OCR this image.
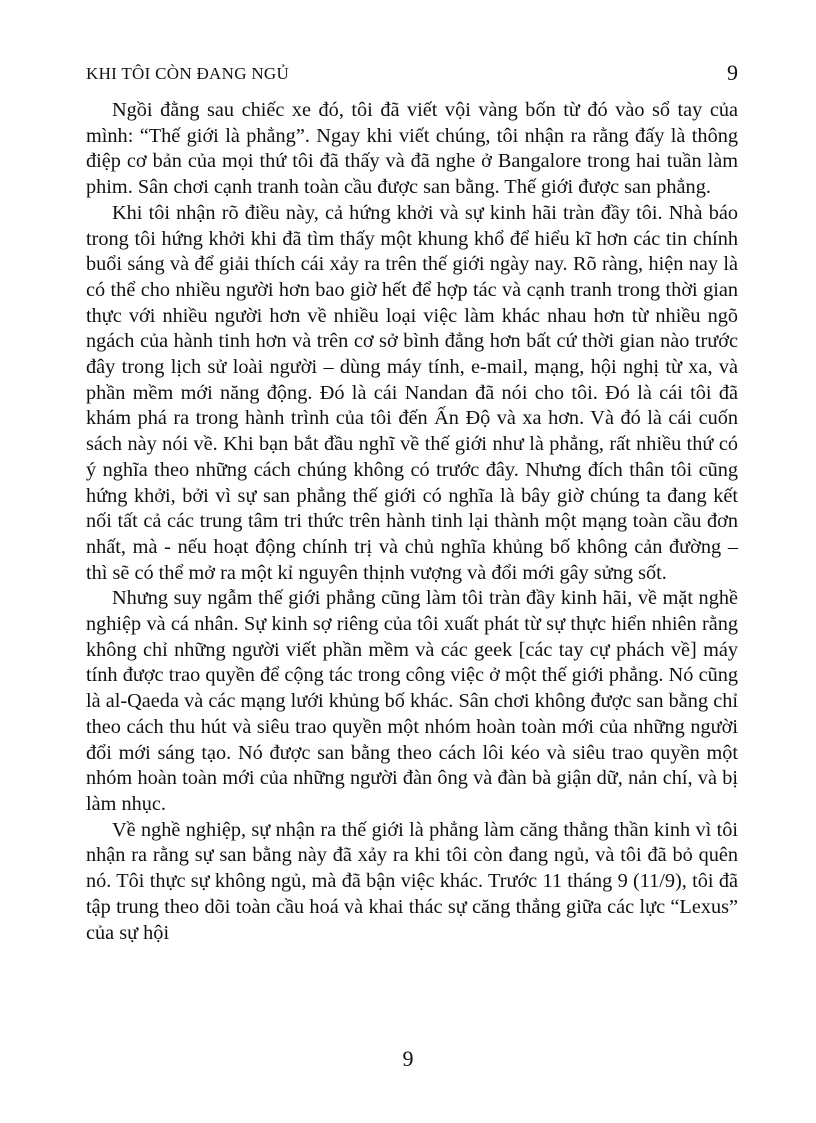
KHI TÔI CÒN ĐANG NGỦ	9

Ngồi đằng sau chiếc xe đó, tôi đã viết vội vàng bốn từ đó vào sổ tay của mình: “Thế giới là phẳng”. Ngay khi viết chúng, tôi nhận ra rằng đấy là thông điệp cơ bản của mọi thứ tôi đã thấy và đã nghe ở Bangalore trong hai tuần làm phim. Sân chơi cạnh tranh toàn cầu được san bằng. Thế giới được san phẳng.

Khi tôi nhận rõ điều này, cả hứng khởi và sự kinh hãi tràn đầy tôi. Nhà báo trong tôi hứng khởi khi đã tìm thấy một khung khổ để hiểu kĩ hơn các tin chính buổi sáng và để giải thích cái xảy ra trên thế giới ngày nay. Rõ ràng, hiện nay là có thể cho nhiều người hơn bao giờ hết để hợp tác và cạnh tranh trong thời gian thực với nhiều người hơn về nhiều loại việc làm khác nhau hơn từ nhiều ngõ ngách của hành tinh hơn và trên cơ sở bình đẳng hơn bất cứ thời gian nào trước đây trong lịch sử loài người – dùng máy tính, e-mail, mạng, hội nghị từ xa, và phần mềm mới năng động. Đó là cái Nandan đã nói cho tôi. Đó là cái tôi đã khám phá ra trong hành trình của tôi đến Ấn Độ và xa hơn. Và đó là cái cuốn sách này nói về. Khi bạn bắt đầu nghĩ về thế giới như là phẳng, rất nhiều thứ có ý nghĩa theo những cách chúng không có trước đây. Nhưng đích thân tôi cũng hứng khởi, bởi vì sự san phẳng thế giới có nghĩa là bây giờ chúng ta đang kết nối tất cả các trung tâm tri thức trên hành tinh lại thành một mạng toàn cầu đơn nhất, mà - nếu hoạt động chính trị và chủ nghĩa khủng bố không cản đường – thì sẽ có thể mở ra một kỉ nguyên thịnh vượng và đổi mới gây sửng sốt.

Nhưng suy ngẫm thế giới phẳng cũng làm tôi tràn đầy kinh hãi, về mặt nghề nghiệp và cá nhân. Sự kinh sợ riêng của tôi xuất phát từ sự thực hiển nhiên rằng không chỉ những người viết phần mềm và các geek [các tay cự phách về] máy tính được trao quyền để cộng tác trong công việc ở một thế giới phẳng. Nó cũng là al-Qaeda và các mạng lưới khủng bố khác. Sân chơi không được san bằng chỉ theo cách thu hút và siêu trao quyền một nhóm hoàn toàn mới của những người đổi mới sáng tạo. Nó được san bằng theo cách lôi kéo và siêu trao quyền một nhóm hoàn toàn mới của những người đàn ông và đàn bà giận dữ, nản chí, và bị làm nhục.

Về nghề nghiệp, sự nhận ra thế giới là phẳng làm căng thẳng thần kinh vì tôi nhận ra rằng sự san bằng này đã xảy ra khi tôi còn đang ngủ, và tôi đã bỏ quên nó. Tôi thực sự không ngủ, mà đã bận việc khác. Trước 11 tháng 9 (11/9), tôi đã tập trung theo dõi toàn cầu hoá và khai thác sự căng thẳng giữa các lực “Lexus” của sự hội

9
